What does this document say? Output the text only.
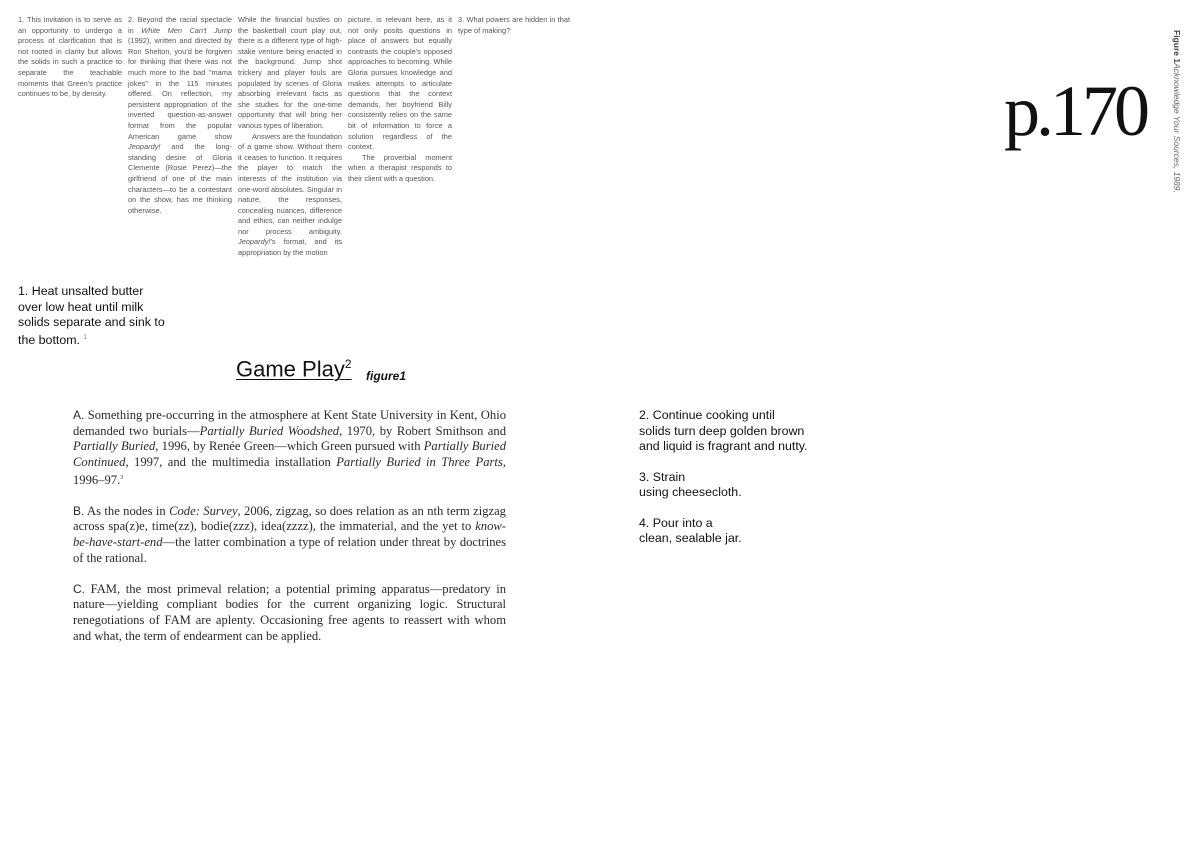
1. This invitation is to serve as an opportunity to undergo a process of clarification that is not rooted in clarity but allows the solids in such a practice to separate the teachable moments that Green's practice continues to be, by density.

2. Beyond the racial spectacle in White Men Can't Jump (1992), written and directed by Ron Shelton, you'd be forgiven for thinking that there was not much more to the bad "mama jokes" in the 115 minutes offered. On reflection, my persistent appropriation of the inverted question-as-answer format from the popular American game show Jeopardy! and the long-standing desire of Gloria Clemente (Rosie Perez)—the girlfriend of one of the main characters—to be a contestant on the show, has me thinking otherwise.

While the financial hustles on the basketball court play out, there is a different type of high-stake venture being enacted in the background. Jump shot trickery and player fouls are populated by scenes of Gloria absorbing irrelevant facts as she studies for the one-time opportunity that will bring her various types of liberation.

Answers are the foundation of a game show. Without them it ceases to function. It requires the player to match the interests of the institution via one-word absolutes. Singular in nature, the responses, concealing nuances, difference and ethics, can neither indulge nor process ambiguity. Jeopardy!'s format, and its appropriation by the motion

picture, is relevant here, as it not only posits questions in place of answers but equally contrasts the couple's opposed approaches to becoming. While Gloria pursues knowledge and makes attempts to articulate questions that the context demands, her boyfriend Billy consistently relies on the same bit of information to force a solution regardless of the context.

The proverbial moment when a therapist responds to their client with a question.

3. What powers are hidden in that type of making?

p.170
Figure 1Acknowledge Your Sources, 1989.
1. Heat unsalted butter over low heat until milk solids separate and sink to the bottom. $^1$
Game Play$^2$
figure1

A. Something pre-occurring in the atmosphere at Kent State University in Kent, Ohio demanded two burials—Partially Buried Woodshed, 1970, by Robert Smithson and Partially Buried, 1996, by Renée Green—which Green pursued with Partially Buried Continued, 1997, and the multimedia installation Partially Buried in Three Parts, 1996–97.$^3$

B. As the nodes in Code: Survey, 2006, zigzag, so does relation as an nth term zigzag across spa(z)e, time(zz), bodie(zzz), idea(zzzz), the immaterial, and the yet to know-be-have-start-end—the latter combination a type of relation under threat by doctrines of the rational.

C. FAM, the most primeval relation; a potential priming apparatus—predatory in nature—yielding compliant bodies for the current organizing logic. Structural renegotiations of FAM are aplenty. Occasioning free agents to reassert with whom and what, the term of endearment can be applied.

2. Continue cooking until solids turn deep golden brown and liquid is fragrant and nutty.

3. Strain
using cheesecloth.

4. Pour into a
clean, sealable jar.
